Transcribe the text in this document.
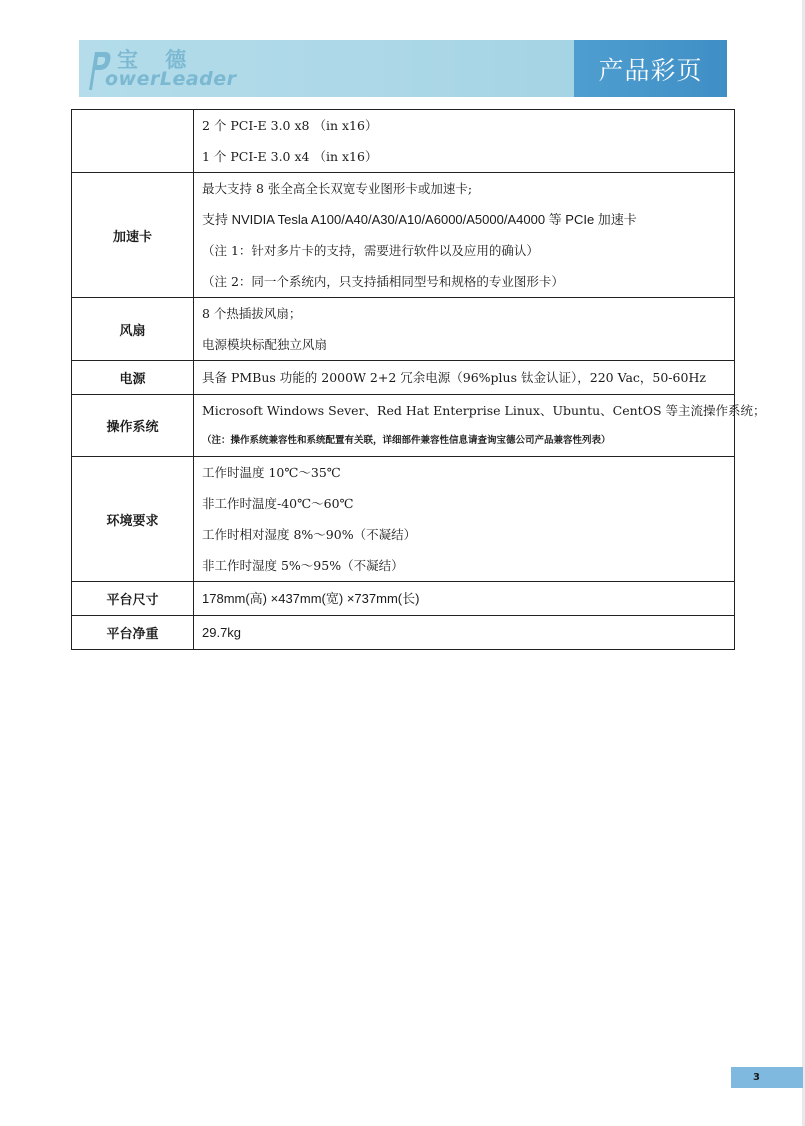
宝 德
owerLeader	产品彩页

	2 个 PCI-E 3.0 x8 （in x16）
1 个 PCI-E 3.0 x4 （in x16）

加速卡	最大支持 8 张全高全长双宽专业图形卡或加速卡;
支持 NVIDIA Tesla A100/A40/A30/A10/A6000/A5000/A4000 等 PCIe 加速卡
（注 1：针对多片卡的支持，需要进行软件以及应用的确认）
（注 2：同一个系统内，只支持插相同型号和规格的专业图形卡）

风扇	8 个热插拔风扇；
电源模块标配独立风扇

电源	具备 PMBus 功能的 2000W 2+2 冗余电源（96%plus 钛金认证），220 Vac，50-60Hz

操作系统	Microsoft Windows Sever、Red Hat Enterprise Linux、Ubuntu、CentOS 等主流操作系统；
（注：操作系统兼容性和系统配置有关联，详细部件兼容性信息请查询宝德公司产品兼容性列表）

环境要求	工作时温度 10℃～35℃
非工作时温度-40℃～60℃
工作时相对湿度 8%～90%（不凝结）
非工作时湿度 5%～95%（不凝结）

平台尺寸	178mm(高) ×437mm(宽) ×737mm(长)

平台净重	29.7kg
3
